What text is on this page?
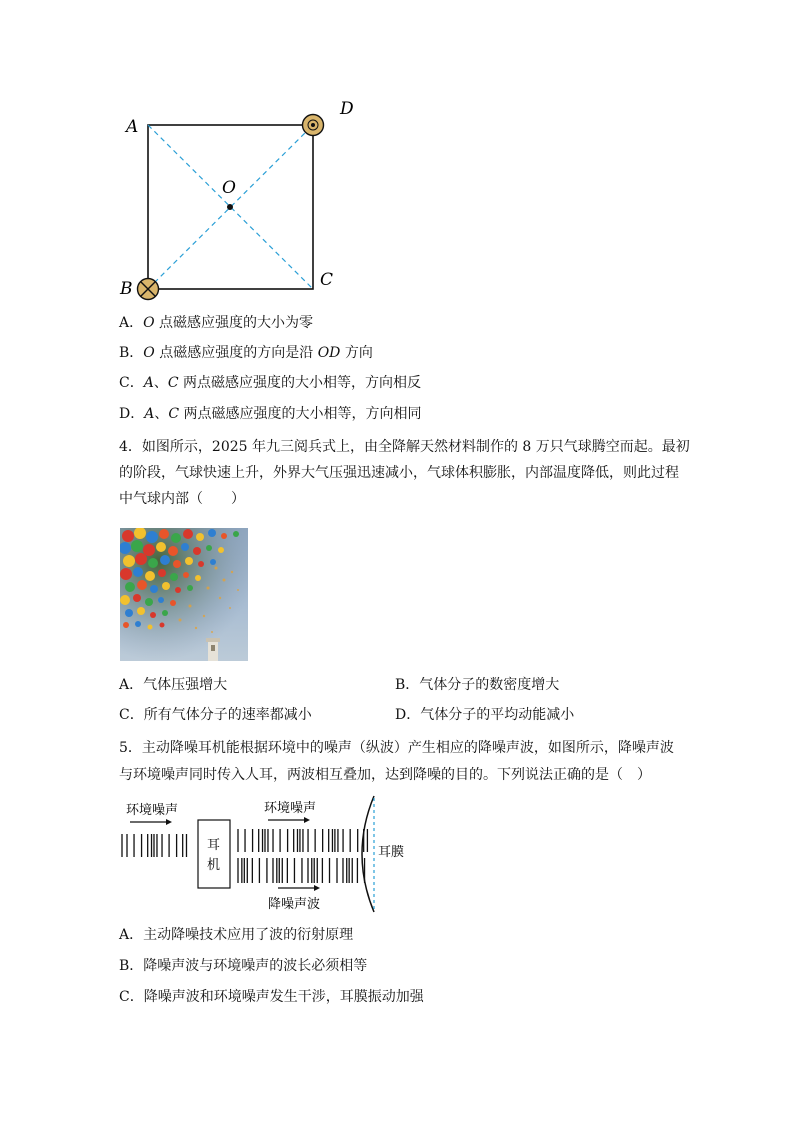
A
D
O
B	C
A．O 点磁感应强度的大小为零
B．O 点磁感应强度的方向是沿 OD 方向
C．A、C 两点磁感应强度的大小相等，方向相反
D．A、C 两点磁感应强度的大小相等，方向相同
4．如图所示，2025 年九三阅兵式上，由全降解天然材料制作的 8 万只气球腾空而起。最初
的阶段，气球快速上升，外界大气压强迅速减小，气球体积膨胀，内部温度降低，则此过程
中气球内部（　　）
A．气体压强增大	B．气体分子的数密度增大
C．所有气体分子的速率都减小	D．气体分子的平均动能减小
5．主动降噪耳机能根据环境中的噪声（纵波）产生相应的降噪声波，如图所示，降噪声波
与环境噪声同时传入人耳，两波相互叠加，达到降噪的目的。下列说法正确的是（　）
环境噪声	环境噪声
耳
机
降噪声波
耳膜
A．主动降噪技术应用了波的衍射原理
B．降噪声波与环境噪声的波长必须相等
C．降噪声波和环境噪声发生干涉，耳膜振动加强
